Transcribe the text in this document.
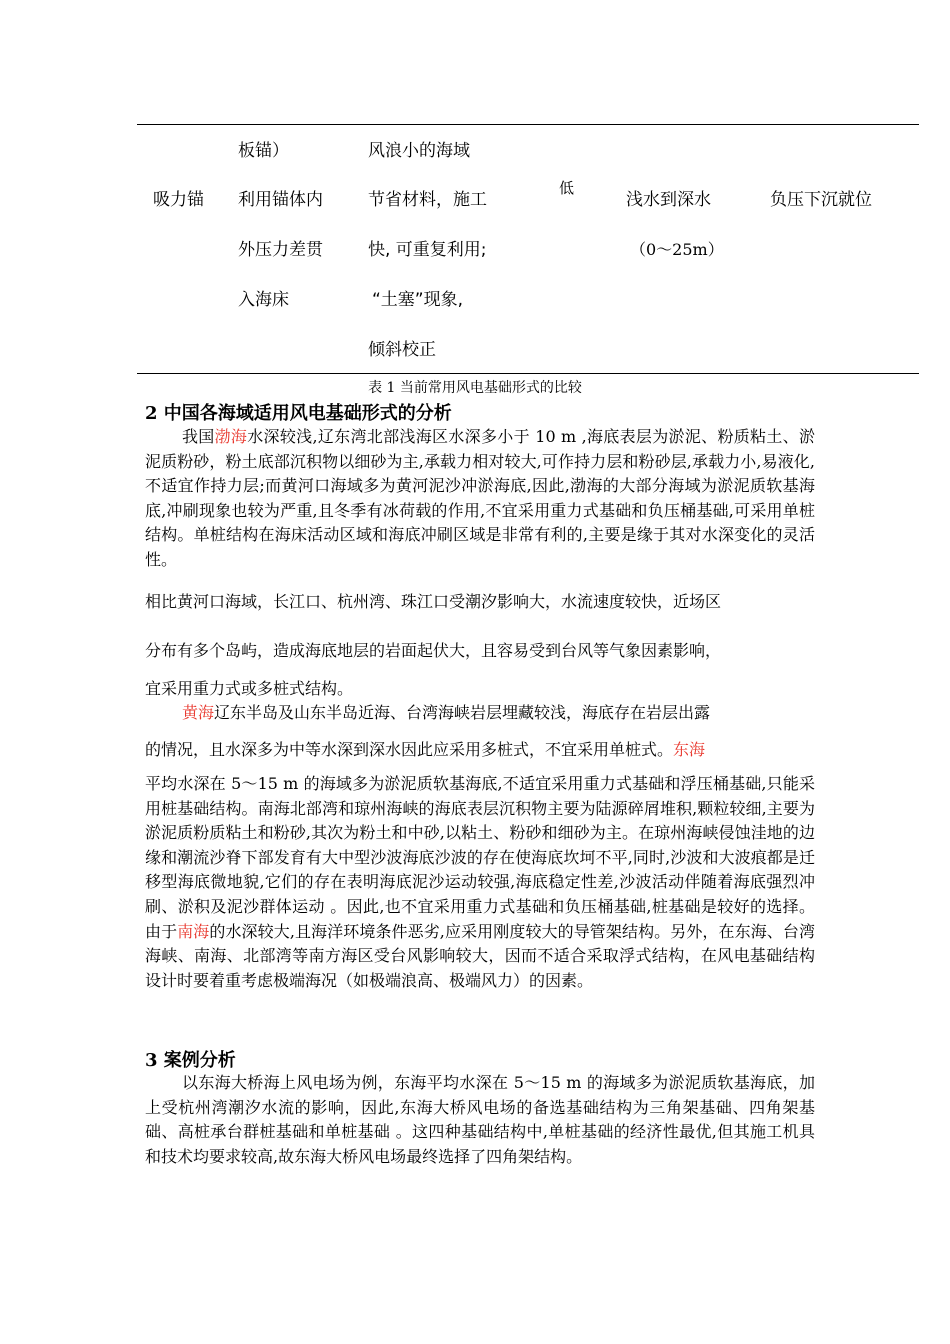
吸力锚
板锚）
利用锚体内
外压力差贯
入海床
风浪小的海域
节省材料，施工
快, 可重复利用;
“土塞”现象,
倾斜校正
低
浅水到深水
（0～25m）
负压下沉就位
表 1 当前常用风电基础形式的比较
2 中国各海域适用风电基础形式的分析
我国渤海水深较浅,辽东湾北部浅海区水深多小于 10 m ,海底表层为淤泥、粉质粘土、淤泥质粉砂，粉土底部沉积物以细砂为主,承载力相对较大,可作持力层和粉砂层,承载力小,易液化,不适宜作持力层;而黄河口海域多为黄河泥沙冲淤海底,因此,渤海的大部分海域为淤泥质软基海底,冲刷现象也较为严重,且冬季有冰荷载的作用,不宜采用重力式基础和负压桶基础,可采用单桩结构。单桩结构在海床活动区域和海底冲刷区域是非常有利的,主要是缘于其对水深变化的灵活性。
相比黄河口海域，长江口、杭州湾、珠江口受潮汐影响大，水流速度较快，近场区
分布有多个岛屿，造成海底地层的岩面起伏大，且容易受到台风等气象因素影响，
宜采用重力式或多桩式结构。
黄海辽东半岛及山东半岛近海、台湾海峡岩层埋藏较浅，海底存在岩层出露
的情况，且水深多为中等水深到深水因此应采用多桩式，不宜采用单桩式。东海
平均水深在 5～15 m 的海域多为淤泥质软基海底,不适宜采用重力式基础和浮压桶基础,只能采用桩基础结构。南海北部湾和琼州海峡的海底表层沉积物主要为陆源碎屑堆积,颗粒较细,主要为淤泥质粉质粘土和粉砂,其次为粉土和中砂,以粘土、粉砂和细砂为主。在琼州海峡侵蚀洼地的边缘和潮流沙脊下部发育有大中型沙波海底沙波的存在使海底坎坷不平,同时,沙波和大波痕都是迁移型海底微地貌,它们的存在表明海底泥沙运动较强,海底稳定性差,沙波活动伴随着海底强烈冲刷、淤积及泥沙群体运动 。因此,也不宜采用重力式基础和负压桶基础,桩基础是较好的选择。由于南海的水深较大,且海洋环境条件恶劣,应采用刚度较大的导管架结构。另外，在东海、台湾海峡、南海、北部湾等南方海区受台风影响较大，因而不适合采取浮式结构，在风电基础结构设计时要着重考虑极端海况（如极端浪高、极端风力）的因素。
3 案例分析
以东海大桥海上风电场为例，东海平均水深在 5～15 m 的海域多为淤泥质软基海底，加上受杭州湾潮汐水流的影响，因此,东海大桥风电场的备选基础结构为三角架基础、四角架基础、高桩承台群桩基础和单桩基础 。这四种基础结构中,单桩基础的经济性最优,但其施工机具和技术均要求较高,故东海大桥风电场最终选择了四角架结构。
